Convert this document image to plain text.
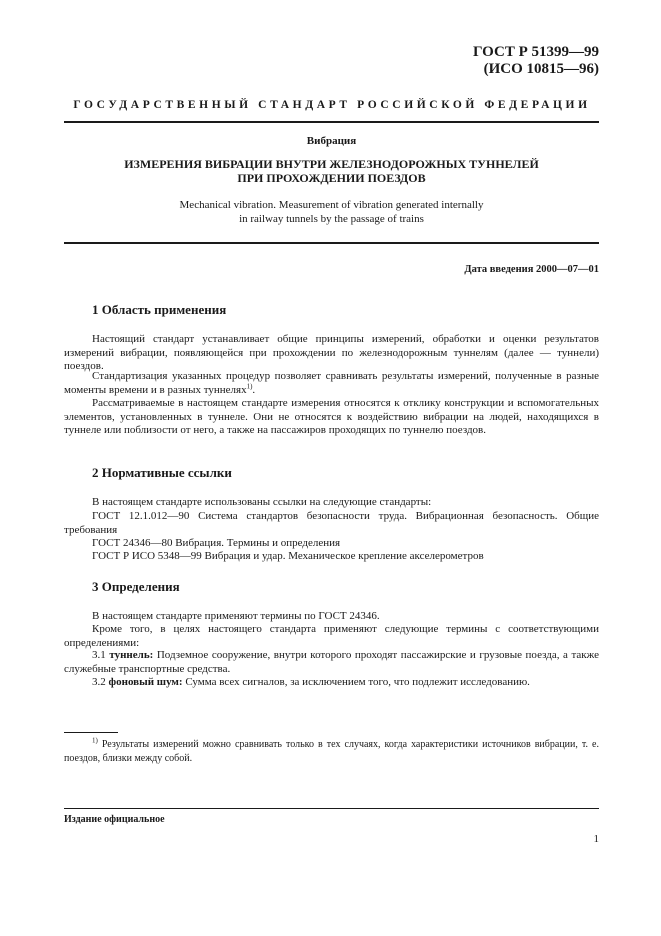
ГОСТ Р 51399—99
(ИСО 10815—96)
ГОСУДАРСТВЕННЫЙ СТАНДАРТ РОССИЙСКОЙ ФЕДЕРАЦИИ
Вибрация
ИЗМЕРЕНИЯ ВИБРАЦИИ ВНУТРИ ЖЕЛЕЗНОДОРОЖНЫХ ТУННЕЛЕЙ
ПРИ ПРОХОЖДЕНИИ ПОЕЗДОВ
Mechanical vibration. Measurement of vibration generated internally
in railway tunnels by the passage of trains
Дата введения 2000—07—01
1 Область применения

Настоящий стандарт устанавливает общие принципы измерений, обработки и оценки результатов измерений вибрации, появляющейся при прохождении по железнодорожным туннелям (далее — туннели) поездов.

Стандартизация указанных процедур позволяет сравнивать результаты измерений, полученные в разные моменты времени и в разных туннелях$^{1)}$.

Рассматриваемые в настоящем стандарте измерения относятся к отклику конструкции и вспомогательных элементов, установленных в туннеле. Они не относятся к воздействию вибрации на людей, находящихся в туннеле или поблизости от него, а также на пассажиров проходящих по туннелю поездов.

2 Нормативные ссылки

В настоящем стандарте использованы ссылки на следующие стандарты:

ГОСТ 12.1.012—90 Система стандартов безопасности труда. Вибрационная безопасность. Общие требования

ГОСТ 24346—80 Вибрация. Термины и определения

ГОСТ Р ИСО 5348—99 Вибрация и удар. Механическое крепление акселерометров

3 Определения

В настоящем стандарте применяют термины по ГОСТ 24346.

Кроме того, в целях настоящего стандарта применяют следующие термины с соответствующими определениями:

3.1 туннель: Подземное сооружение, внутри которого проходят пассажирские и грузовые поезда, а также служебные транспортные средства.

3.2 фоновый шум: Сумма всех сигналов, за исключением того, что подлежит исследованию.

$^{1)}$ Результаты измерений можно сравнивать только в тех случаях, когда характеристики источников вибрации, т. е. поездов, близки между собой.

Издание официальное
1
